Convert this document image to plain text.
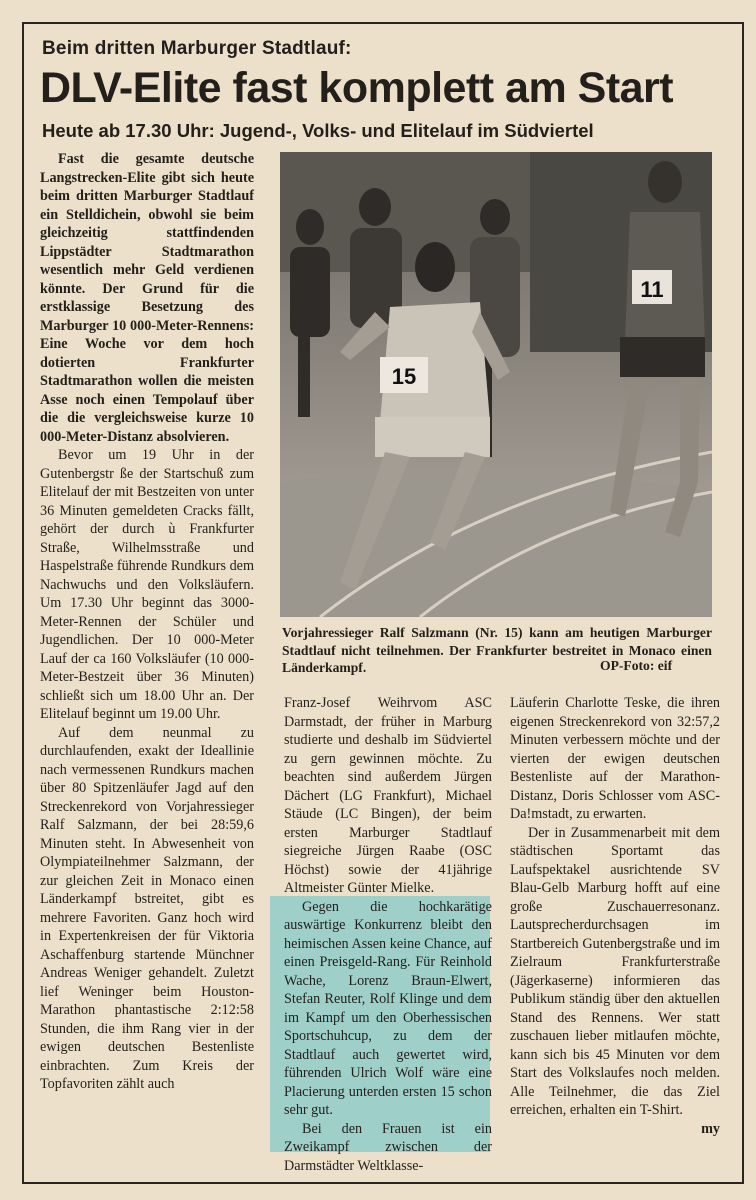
Beim dritten Marburger Stadtlauf:
DLV-Elite fast komplett am Start
Heute ab 17.30 Uhr: Jugend-, Volks- und Elitelauf im Südviertel

Fast die gesamte deutsche Langstrecken-Elite gibt sich heute beim dritten Marburger Stadtlauf ein Stelldichein, obwohl sie beim gleichzeitig stattfindenden Lippstädter Stadtmarathon wesentlich mehr Geld verdienen könnte. Der Grund für die erstklassige Besetzung des Marburger 10 000-Meter-Rennens: Eine Woche vor dem hoch dotierten Frankfurter Stadtmarathon wollen die meisten Asse noch einen Tempolauf über die die vergleichsweise kurze 10 000-Meter-Distanz absolvieren.

Bevor um 19 Uhr in der Gutenbergstr ße der Startschuß zum Elitelauf der mit Bestzeiten von unter 36 Minuten gemeldeten Cracks fällt, gehört der durch ù Frankfurter Straße, Wilhelmsstraße und Haspelstraße führende Rundkurs dem Nachwuchs und den Volksläufern. Um 17.30 Uhr beginnt das 3000-Meter-Rennen der Schüler und Jugendlichen. Der 10 000-Meter Lauf der ca 160 Volksläufer (10 000-Meter-Bestzeit über 36 Minuten) schließt sich um 18.00 Uhr an. Der Elitelauf beginnt um 19.00 Uhr.

Auf dem neunmal zu durchlaufenden, exakt der Ideallinie nach vermessenen Rundkurs machen über 80 Spitzenläufer Jagd auf den Streckenrekord von Vorjahressieger Ralf Salzmann, der bei 28:59,6 Minuten steht. In Abwesenheit von Olympiateilnehmer Salzmann, der zur gleichen Zeit in Monaco einen Länderkampf bstreitet, gibt es mehrere Favoriten. Ganz hoch wird in Expertenkreisen der für Viktoria Aschaffenburg startende Münchner Andreas Weniger gehandelt. Zuletzt lief Weninger beim Houston-Marathon phantastische 2:12:58 Stunden, die ihm Rang vier in der ewigen deutschen Bestenliste einbrachten. Zum Kreis der Topfavoriten zählt auch

11
15
Vorjahressieger Ralf Salzmann (Nr. 15) kann am heutigen Marburger Stadtlauf nicht teilnehmen. Der Frankfurter bestreitet in Monaco einen Länderkampf.	OP-Foto: eif

Franz-Josef Weihrvom ASC Darmstadt, der früher in Marburg studierte und deshalb im Südviertel zu gern gewinnen möchte. Zu beachten sind außerdem Jürgen Dächert (LG Frankfurt), Michael Stäude (LC Bingen), der beim ersten Marburger Stadtlauf siegreiche Jürgen Raabe (OSC Höchst) sowie der 41jährige Altmeister Günter Mielke.

Gegen die hochkarätige auswärtige Konkurrenz bleibt den heimischen Assen keine Chance, auf einen Preisgeld-Rang. Für Reinhold Wache, Lorenz Braun-Elwert, Stefan Reuter, Rolf Klinge und dem im Kampf um den Oberhessischen Sportschuhcup, zu dem der Stadtlauf auch gewertet wird, führenden Ulrich Wolf wäre eine Placierung unterden ersten 15 schon sehr gut.

Bei den Frauen ist ein Zweikampf zwischen der Darmstädter Weltklasse-

Läuferin Charlotte Teske, die ihren eigenen Streckenrekord von 32:57,2 Minuten verbessern möchte und der vierten der ewigen deutschen Bestenliste auf der Marathon-Distanz, Doris Schlosser vom ASC-Da!mstadt, zu erwarten.

Der in Zusammenarbeit mit dem städtischen Sportamt das Laufspektakel ausrichtende SV Blau-Gelb Marburg hofft auf eine große Zuschauerresonanz. Lautsprecherdurchsagen im Startbereich Gutenbergstraße und im Zielraum Frankfurterstraße (Jägerkaserne) informieren das Publikum ständig über den aktuellen Stand des Rennens. Wer statt zuschauen lieber mitlaufen möchte, kann sich bis 45 Minuten vor dem Start des Volkslaufes noch melden. Alle Teilnehmer, die das Ziel erreichen, erhalten ein T-Shirt.

my
